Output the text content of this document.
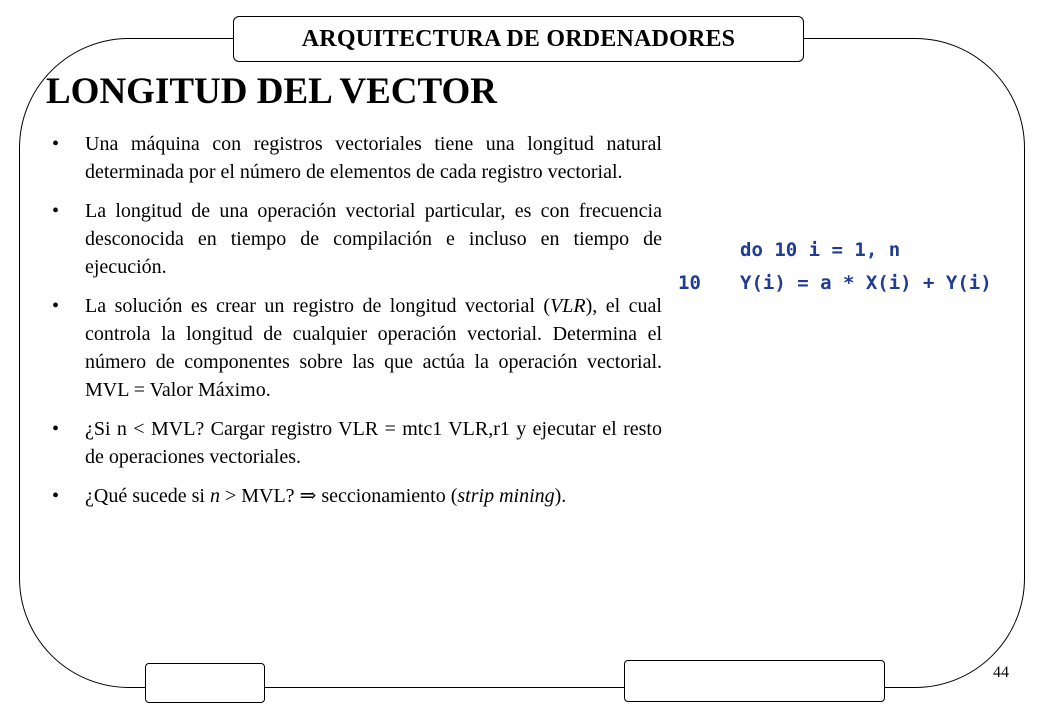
ARQUITECTURA DE ORDENADORES
LONGITUD DEL VECTOR
• Una máquina con registros vectoriales tiene una longitud natural determinada por el número de elementos de cada registro vectorial.
• La longitud de una operación vectorial particular, es con frecuencia desconocida en tiempo de compilación e incluso en tiempo de ejecución.
• La solución es crear un registro de longitud vectorial (VLR), el cual controla la longitud de cualquier operación vectorial. Determina el número de componentes sobre las que actúa la operación vectorial. MVL = Valor Máximo.
• ¿Si n < MVL? Cargar registro VLR = mtc1 VLR,r1 y ejecutar el resto de operaciones vectoriales.
• ¿Qué sucede si n > MVL? ⇒ seccionamiento (strip mining).
do 10 i = 1, n
10 Y(i) = a * X(i) + Y(i)
44
